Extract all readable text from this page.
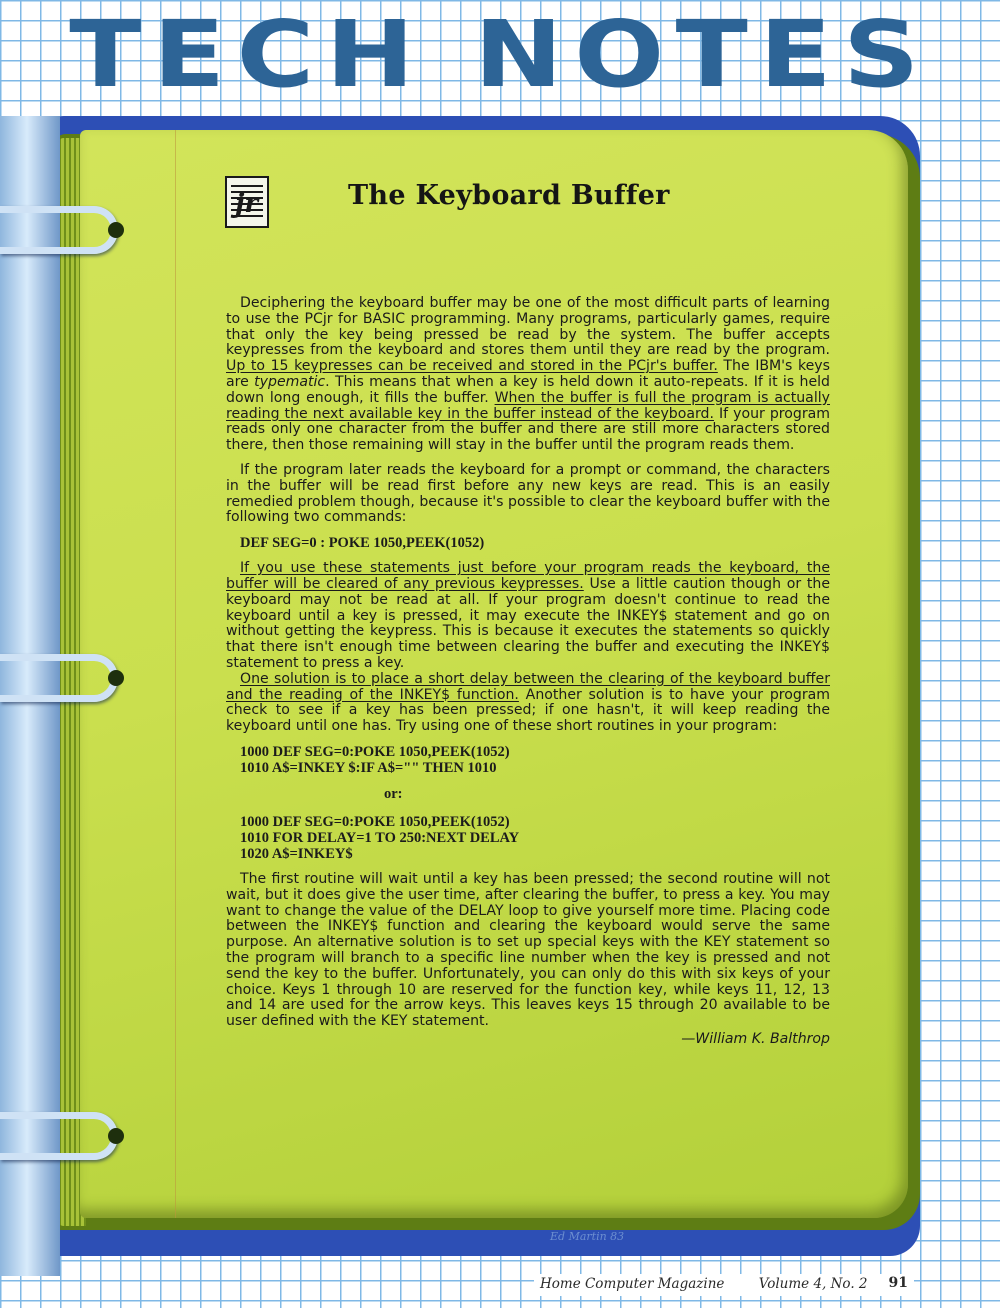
TECH NOTES
jr	The Keyboard Buffer

Deciphering the keyboard buffer may be one of the most difficult parts of learning to use the PCjr for BASIC programming. Many programs, particularly games, require that only the key being pressed be read by the system. The buffer accepts keypresses from the keyboard and stores them until they are read by the program. Up to 15 keypresses can be received and stored in the PCjr's buffer. The IBM's keys are typematic. This means that when a key is held down it auto-repeats. If it is held down long enough, it fills the buffer. When the buffer is full the program is actually reading the next available key in the buffer instead of the keyboard. If your program reads only one character from the buffer and there are still more characters stored there, then those remaining will stay in the buffer until the program reads them.

If the program later reads the keyboard for a prompt or command, the characters in the buffer will be read first before any new keys are read. This is an easily remedied problem though, because it's possible to clear the keyboard buffer with the following two commands:

DEF SEG=0 : POKE 1050,PEEK(1052)

If you use these statements just before your program reads the keyboard, the buffer will be cleared of any previous keypresses. Use a little caution though or the keyboard may not be read at all. If your program doesn't continue to read the keyboard until a key is pressed, it may execute the INKEY$ statement and go on without getting the keypress. This is because it executes the statements so quickly that there isn't enough time between clearing the buffer and executing the INKEY$ statement to press a key.

One solution is to place a short delay between the clearing of the keyboard buffer and the reading of the INKEY$ function. Another solution is to have your program check to see if a key has been pressed; if one hasn't, it will keep reading the keyboard until one has. Try using one of these short routines in your program:

1000 DEF SEG=0:POKE 1050,PEEK(1052)
1010 A$=INKEY $:IF A$="" THEN 1010
or:
1000 DEF SEG=0:POKE 1050,PEEK(1052)
1010 FOR DELAY=1 TO 250:NEXT DELAY
1020 A$=INKEY$

The first routine will wait until a key has been pressed; the second routine will not wait, but it does give the user time, after clearing the buffer, to press a key. You may want to change the value of the DELAY loop to give yourself more time. Placing code between the INKEY$ function and clearing the keyboard would serve the same purpose. An alternative solution is to set up special keys with the KEY statement so the program will branch to a specific line number when the key is pressed and not send the key to the buffer. Unfortunately, you can only do this with six keys of your choice. Keys 1 through 10 are reserved for the function key, while keys 11, 12, 13 and 14 are used for the arrow keys. This leaves keys 15 through 20 available to be user defined with the KEY statement.

—William K. Balthrop
Ed Martin 83
Home Computer Magazine	Volume 4, No. 2 91
